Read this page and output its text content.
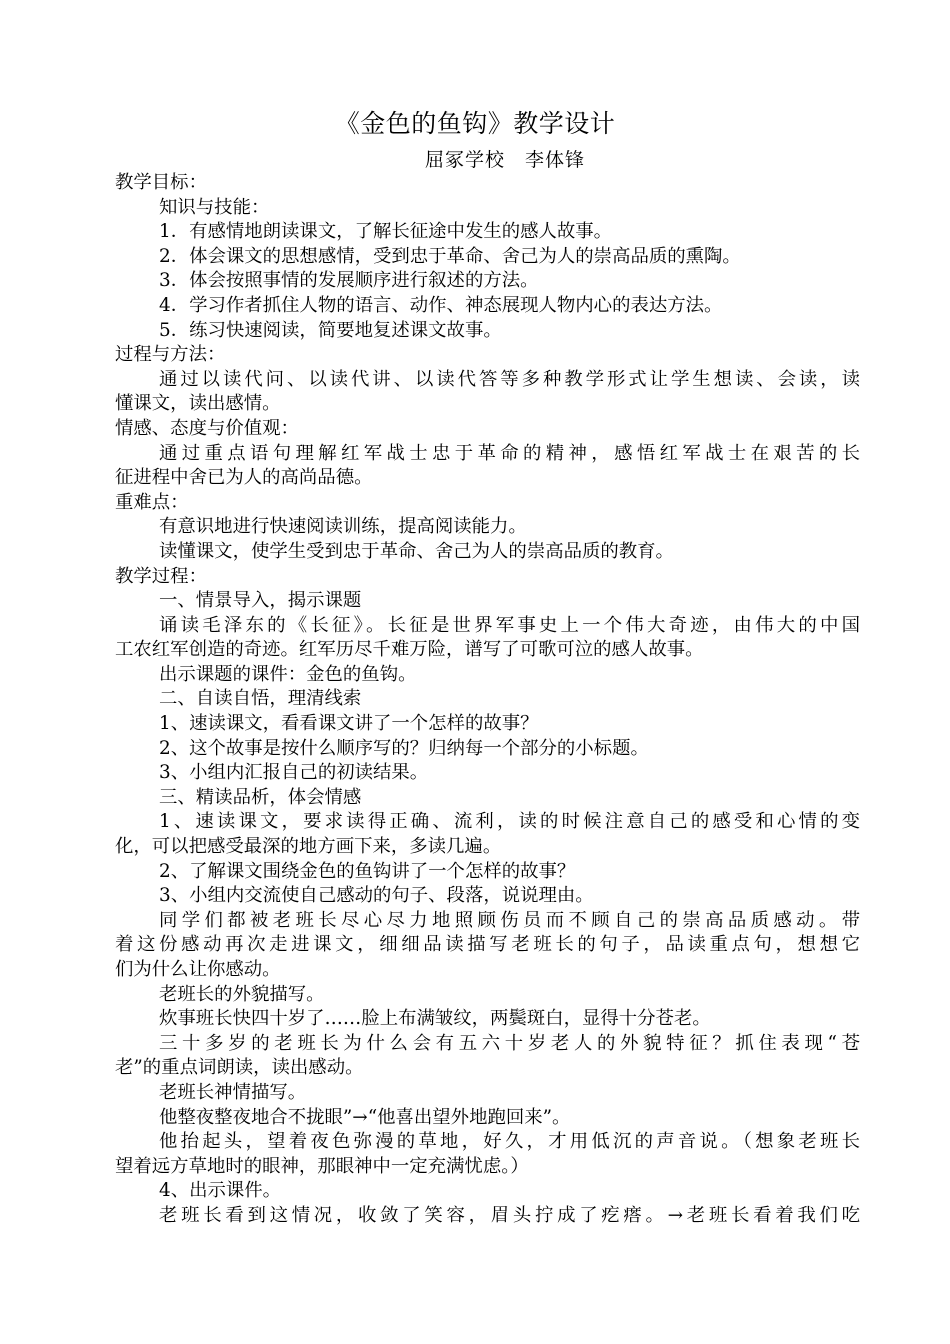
《金色的鱼钩》教学设计
屈冢学校　李体锋
教学目标：
知识与技能：
1．有感情地朗读课文，了解长征途中发生的感人故事。
2．体会课文的思想感情，受到忠于革命、舍己为人的崇高品质的熏陶。
3．体会按照事情的发展顺序进行叙述的方法。
4．学习作者抓住人物的语言、动作、神态展现人物内心的表达方法。
5．练习快速阅读，简要地复述课文故事。
过程与方法：
通过以读代问、以读代讲、以读代答等多种教学形式让学生想读、会读，读
懂课文，读出感情。
情感、态度与价值观：
通过重点语句理解红军战士忠于革命的精神，感悟红军战士在艰苦的长
征进程中舍已为人的高尚品德。
重难点：
有意识地进行快速阅读训练，提高阅读能力。
读懂课文，使学生受到忠于革命、舍己为人的崇高品质的教育。
教学过程：
一、情景导入，揭示课题
诵读毛泽东的《长征》。长征是世界军事史上一个伟大奇迹，由伟大的中国
工农红军创造的奇迹。红军历尽千难万险，谱写了可歌可泣的感人故事。
出示课题的课件：金色的鱼钩。
二、自读自悟，理清线索
1、速读课文，看看课文讲了一个怎样的故事？
2、这个故事是按什么顺序写的？归纳每一个部分的小标题。
3、小组内汇报自己的初读结果。
三、精读品析，体会情感
1、速读课文，要求读得正确、流利，读的时候注意自己的感受和心情的变
化，可以把感受最深的地方画下来，多读几遍。
2、了解课文围绕金色的鱼钩讲了一个怎样的故事？
3、小组内交流使自己感动的句子、段落，说说理由。
同学们都被老班长尽心尽力地照顾伤员而不顾自己的崇高品质感动。带
着这份感动再次走进课文，细细品读描写老班长的句子，品读重点句，想想它
们为什么让你感动。
老班长的外貌描写。
炊事班长快四十岁了……脸上布满皱纹，两鬓斑白，显得十分苍老。
三十多岁的老班长为什么会有五六十岁老人的外貌特征？抓住表现“苍
老”的重点词朗读，读出感动。
老班长神情描写。
他整夜整夜地合不拢眼”→“他喜出望外地跑回来”。
他抬起头，望着夜色弥漫的草地，好久，才用低沉的声音说。（想象老班长
望着远方草地时的眼神，那眼神中一定充满忧虑。）
4、出示课件。
老班长看到这情况，收敛了笑容，眉头拧成了疙瘩。→老班长看着我们吃
